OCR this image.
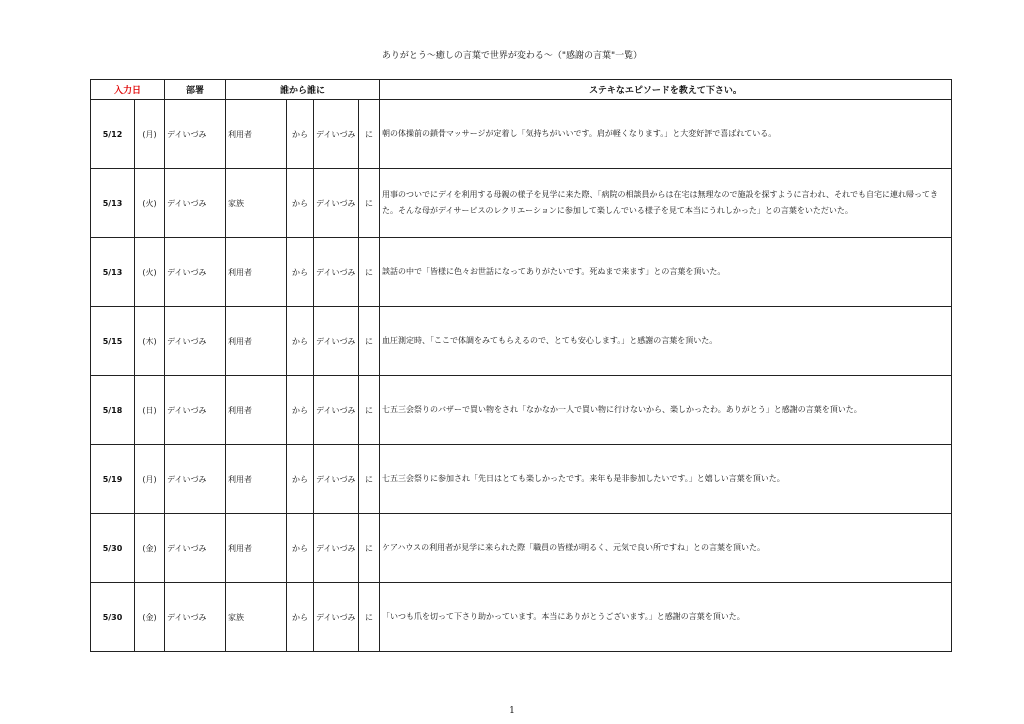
ありがとう〜癒しの言葉で世界が変わる〜（"感謝の言葉"一覧）
入力日		部署	誰から誰に				ステキなエピソードを教えて下さい。
5/12	(月)	デイいづみ	利用者	から	デイいづみ	に	朝の体操前の鎖骨マッサージが定着し「気持ちがいいです。肩が軽くなります。」と大変好評で喜ばれている。
5/13	(火)	デイいづみ	家族	から	デイいづみ	に	用事のついでにデイを利用する母親の様子を見学に来た際、「病院の相談員からは在宅は無理なので施設を探すように言われ、それでも自宅に連れ帰ってきた。そんな母がデイサービスのレクリエーションに参加して楽しんでいる様子を見て本当にうれしかった」との言葉をいただいた。
5/13	(火)	デイいづみ	利用者	から	デイいづみ	に	談話の中で「皆様に色々お世話になってありがたいです。死ぬまで来ます」との言葉を頂いた。
5/15	(木)	デイいづみ	利用者	から	デイいづみ	に	血圧測定時、「ここで体調をみてもらえるので、とても安心します。」と感謝の言葉を頂いた。
5/18	(日)	デイいづみ	利用者	から	デイいづみ	に	七五三会祭りのバザーで買い物をされ「なかなか一人で買い物に行けないから、楽しかったわ。ありがとう」と感謝の言葉を頂いた。
5/19	(月)	デイいづみ	利用者	から	デイいづみ	に	七五三会祭りに参加され「先日はとても楽しかったです。来年も是非参加したいです。」と嬉しい言葉を頂いた。
5/30	(金)	デイいづみ	利用者	から	デイいづみ	に	ケアハウスの利用者が見学に来られた際「職員の皆様が明るく、元気で良い所ですね」との言葉を頂いた。
5/30	(金)	デイいづみ	家族	から	デイいづみ	に	「いつも爪を切って下さり助かっています。本当にありがとうございます。」と感謝の言葉を頂いた。
1
